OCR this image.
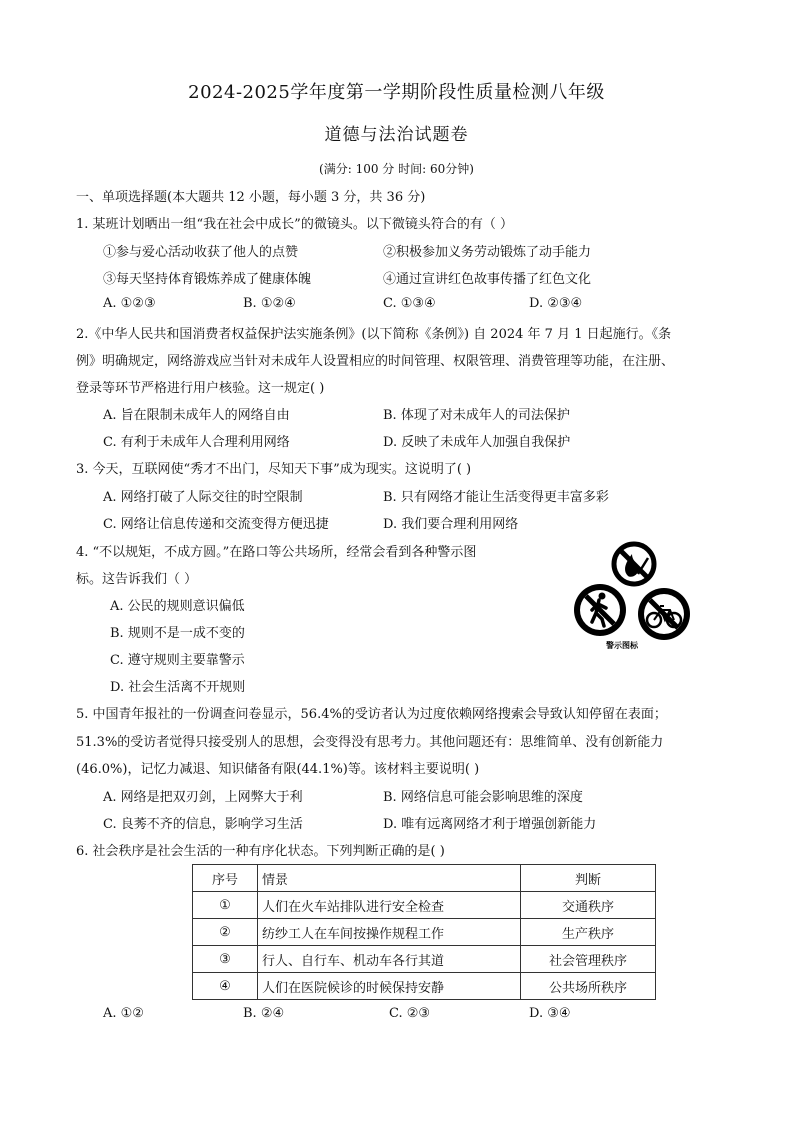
2024-2025学年度第一学期阶段性质量检测八年级
道德与法治试题卷
(满分: 100 分 时间: 60分钟)
一、单项选择题(本大题共 12 小题，每小题 3 分，共 36 分)
1. 某班计划晒出一组“我在社会中成长”的微镜头。以下微镜头符合的有（ ）
①参与爱心活动收获了他人的点赞	②积极参加义务劳动锻炼了动手能力
③每天坚持体育锻炼养成了健康体魄	④通过宣讲红色故事传播了红色文化
A. ①②③	B. ①②④	C. ①③④	D. ②③④
2.《中华人民共和国消费者权益保护法实施条例》(以下简称《条例》) 自 2024 年 7 月 1 日起施行。《条
例》明确规定，网络游戏应当针对未成年人设置相应的时间管理、权限管理、消费管理等功能，在注册、
登录等环节严格进行用户核验。这一规定( )
A. 旨在限制未成年人的网络自由	B. 体现了对未成年人的司法保护
C. 有利于未成年人合理利用网络	D. 反映了未成年人加强自我保护
3. 今天，互联网使“秀才不出门，尽知天下事”成为现实。这说明了( )
A. 网络打破了人际交往的时空限制	B. 只有网络才能让生活变得更丰富多彩
C. 网络让信息传递和交流变得方便迅捷	D. 我们要合理利用网络
4. “不以规矩，不成方圆。”在路口等公共场所，经常会看到各种警示图
标。这告诉我们（ ）
A. 公民的规则意识偏低
B. 规则不是一成不变的
C. 遵守规则主要靠警示
D. 社会生活离不开规则
警示图标
5. 中国青年报社的一份调查问卷显示，56.4%的受访者认为过度依赖网络搜索会导致认知停留在表面；
51.3%的受访者觉得只接受别人的思想，会变得没有思考力。其他问题还有：思维简单、没有创新能力
(46.0%)，记忆力减退、知识储备有限(44.1%)等。该材料主要说明( )
A. 网络是把双刃剑，上网弊大于利	B. 网络信息可能会影响思维的深度
C. 良莠不齐的信息，影响学习生活	D. 唯有远离网络才利于增强创新能力
6. 社会秩序是社会生活的一种有序化状态。下列判断正确的是( )
序号	情景	判断
①	人们在火车站排队进行安全检查	交通秩序
②	纺纱工人在车间按操作规程工作	生产秩序
③	行人、自行车、机动车各行其道	社会管理秩序
④	人们在医院候诊的时候保持安静	公共场所秩序
A. ①②	B. ②④	C. ②③	D. ③④
